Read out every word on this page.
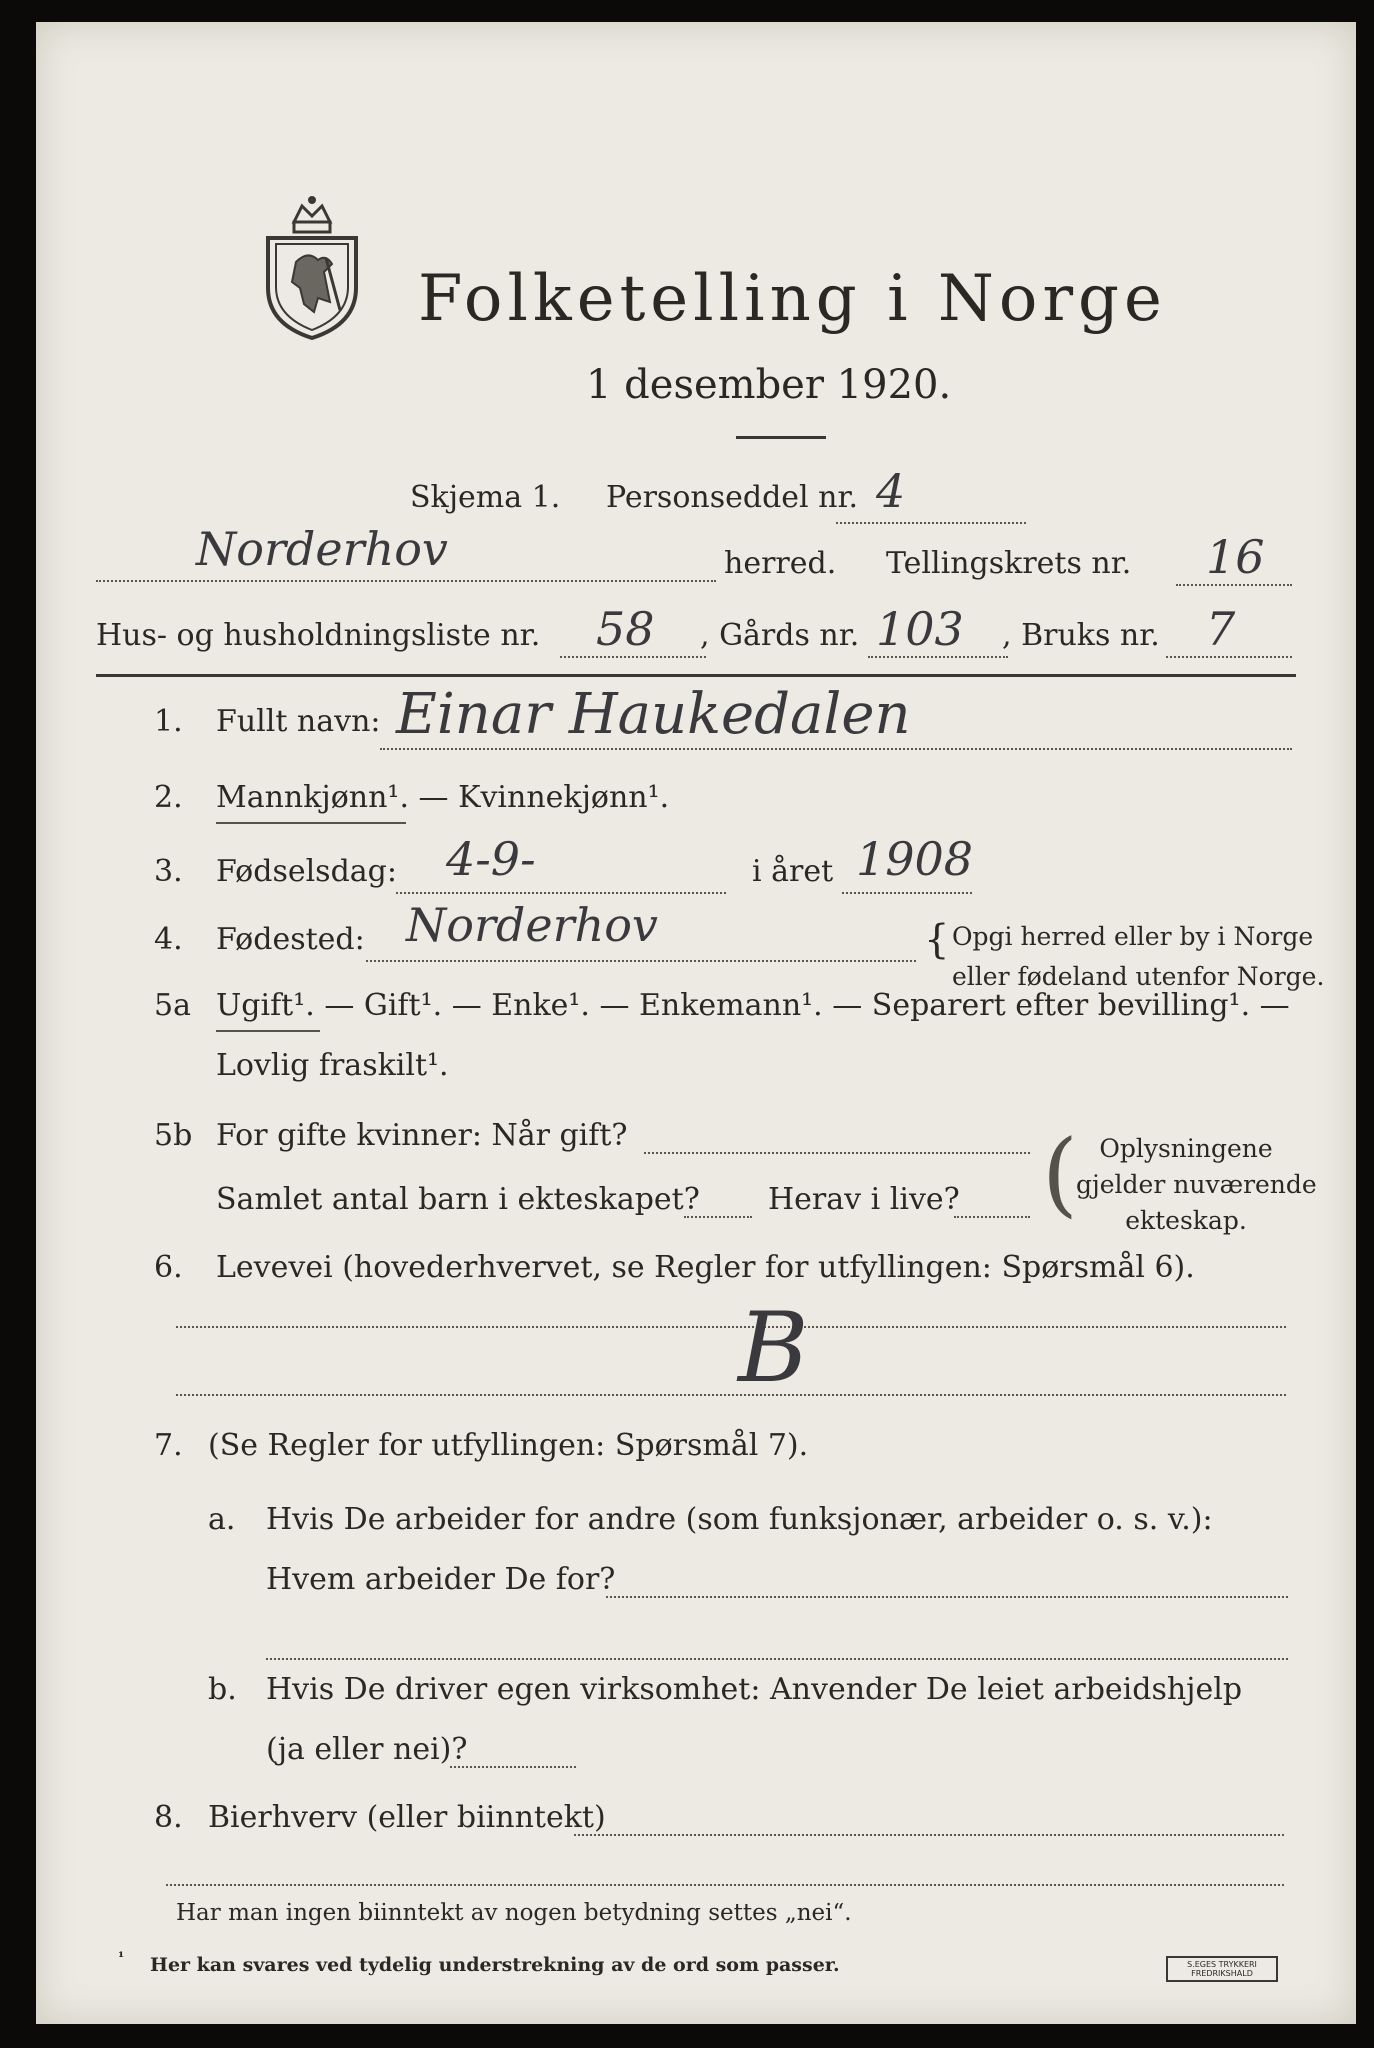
Folketelling i Norge
1 desember 1920.
Skjema 1. Personseddel nr. 4
Norderhov	herred. Tellingskrets nr. 16
Hus- og husholdningsliste nr. 58 , Gårds nr. 103 , Bruks nr. 7
1. Fullt navn: Einar Haukedalen
2. Mannkjønn¹. — Kvinnekjønn¹.
3. Fødselsdag: 4-9-	i året 1908
4. Fødested: Norderhov	{ Opgi herred eller by i Norge
eller fødeland utenfor Norge.
5a Ugift¹. — Gift¹. — Enke¹. — Enkemann¹. — Separert efter bevilling¹. —
Lovlig fraskilt¹.
5b For gifte kvinner: Når gift?
Samlet antal barn i ekteskapet? Herav i live? ( Oplysningene
gjelder nuværende
ekteskap.
6. Levevei (hovederhvervet, se Regler for utfyllingen: Spørsmål 6).
B
7. (Se Regler for utfyllingen: Spørsmål 7).
a. Hvis De arbeider for andre (som funksjonær, arbeider o. s. v.):
Hvem arbeider De for?
b. Hvis De driver egen virksomhet: Anvender De leiet arbeidshjelp
(ja eller nei)?
8. Bierhverv (eller biinntekt)
Har man ingen biinntekt av nogen betydning settes „nei“.
¹ Her kan svares ved tydelig understrekning av de ord som passer.	S.EGES TRYKKERI
FREDRIKSHALD
